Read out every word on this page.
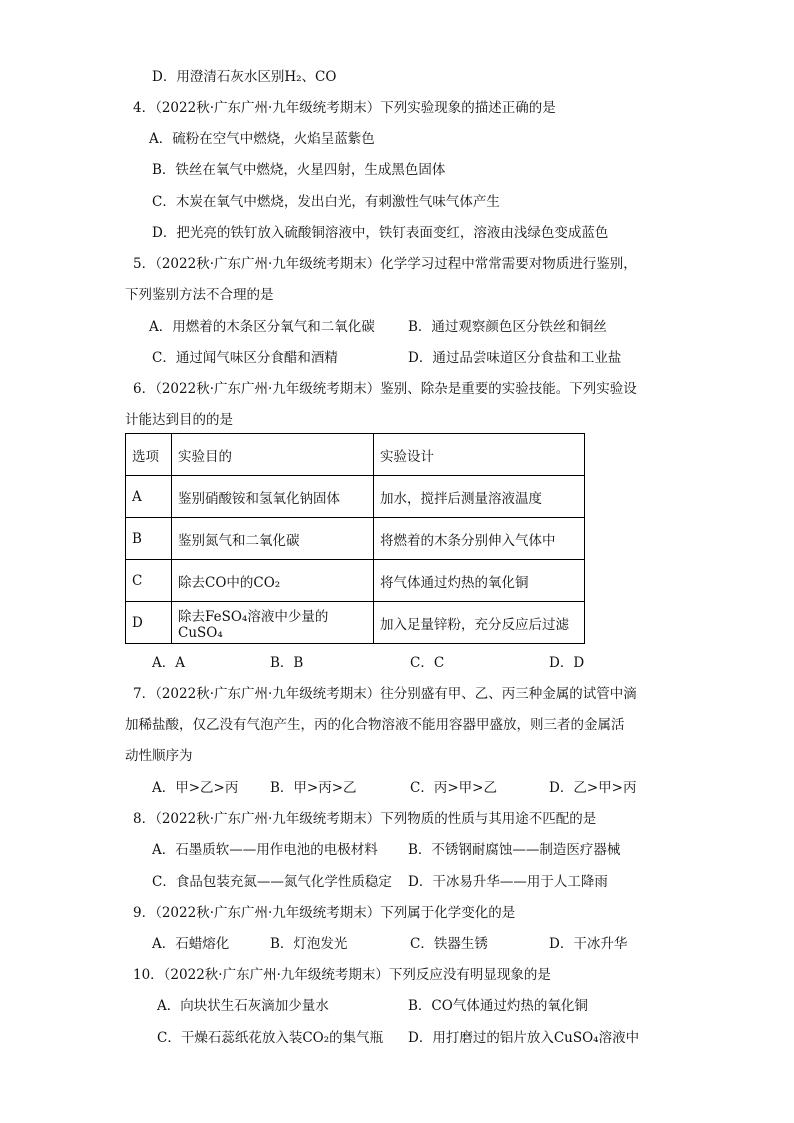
D．用澄清石灰水区别H₂、CO
4．（2022秋·广东广州·九年级统考期末）下列实验现象的描述正确的是
A．硫粉在空气中燃烧，火焰呈蓝紫色
B．铁丝在氧气中燃烧，火星四射，生成黑色固体
C．木炭在氧气中燃烧，发出白光，有刺激性气味气体产生
D．把光亮的铁钉放入硫酸铜溶液中，铁钉表面变红，溶液由浅绿色变成蓝色
5．（2022秋·广东广州·九年级统考期末）化学学习过程中常常需要对物质进行鉴别，
下列鉴别方法不合理的是
A．用燃着的木条区分氧气和二氧化碳 B．通过观察颜色区分铁丝和铜丝
C．通过闻气味区分食醋和酒精	D．通过品尝味道区分食盐和工业盐
6．（2022秋·广东广州·九年级统考期末）鉴别、除杂是重要的实验技能。下列实验设
计能达到目的的是
选项	实验目的	实验设计
A	鉴别硝酸铵和氢氧化钠固体	加水，搅拌后测量溶液温度
B	鉴别氮气和二氧化碳	将燃着的木条分别伸入气体中
C	除去CO中的CO₂	将气体通过灼热的氧化铜
D	除去FeSO₄溶液中少量的CuSO₄	加入足量锌粉，充分反应后过滤
A．A	B．B	C．C	D．D
7．（2022秋·广东广州·九年级统考期末）往分别盛有甲、乙、丙三种金属的试管中滴
加稀盐酸，仅乙没有气泡产生，丙的化合物溶液不能用容器甲盛放，则三者的金属活
动性顺序为
A．甲>乙>丙 B．甲>丙>乙	C．丙>甲>乙	D．乙>甲>丙
8．（2022秋·广东广州·九年级统考期末）下列物质的性质与其用途不匹配的是
A．石墨质软——用作电池的电极材料 B．不锈钢耐腐蚀——制造医疗器械
C．食品包装充氮——氮气化学性质稳定 D．干冰易升华——用于人工降雨
9．（2022秋·广东广州·九年级统考期末）下列属于化学变化的是
A．石蜡熔化	B．灯泡发光	C．铁器生锈	D．干冰升华
10．（2022秋·广东广州·九年级统考期末）下列反应没有明显现象的是
A．向块状生石灰滴加少量水	B．CO气体通过灼热的氧化铜
C．干燥石蕊纸花放入装CO₂的集气瓶 D．用打磨过的铝片放入CuSO₄溶液中
